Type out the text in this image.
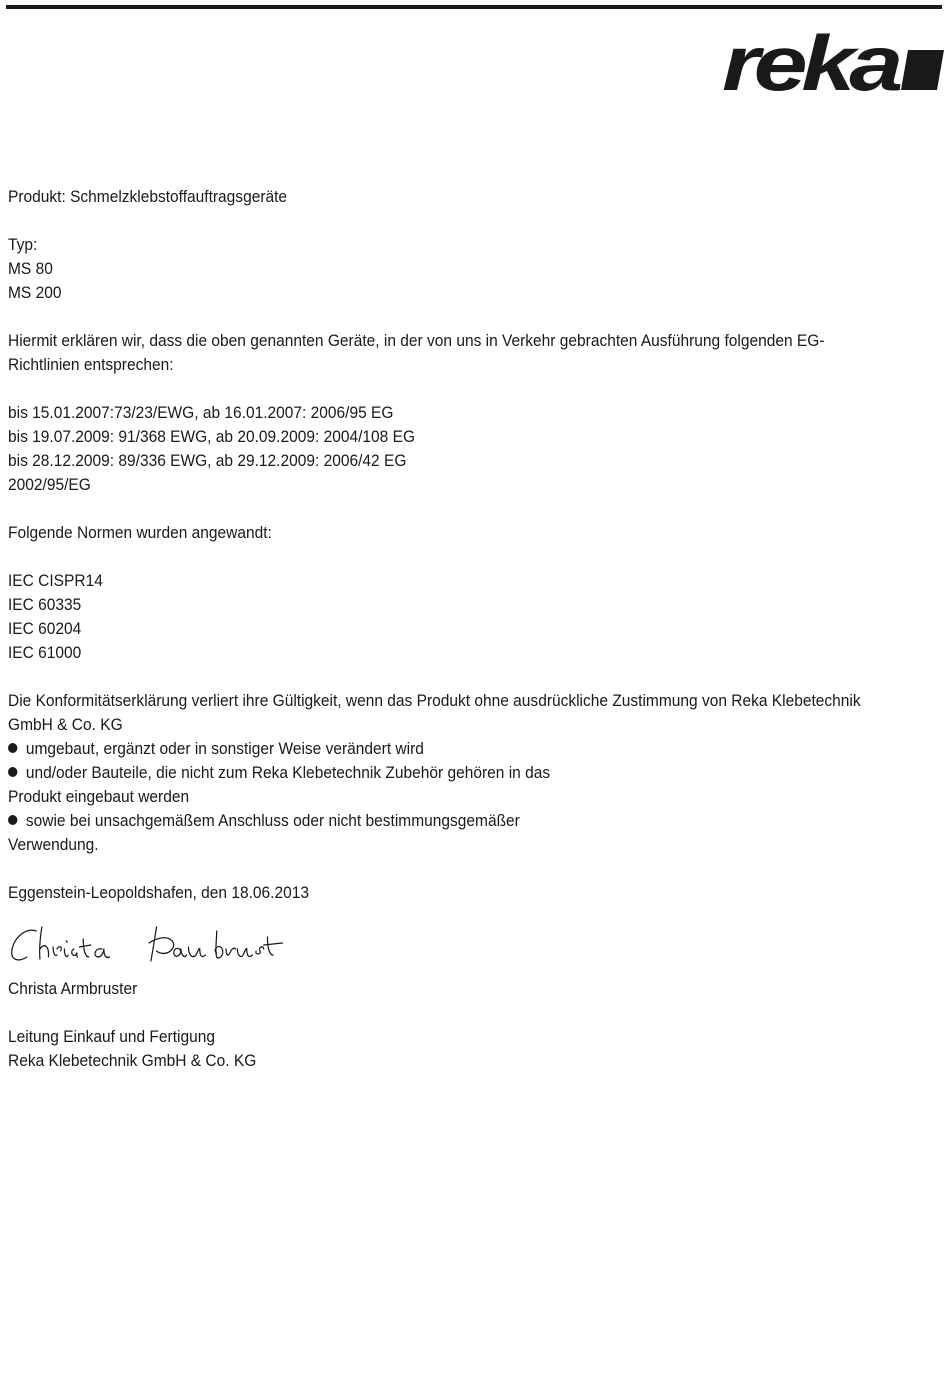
reka
Produkt: Schmelzklebstoffauftragsgeräte
Typ:
MS 80
MS 200
Hiermit erklären wir, dass die oben genannten Geräte, in der von uns in Verkehr gebrachten Ausführung folgenden EG-Richtlinien entsprechen:
bis 15.01.2007:73/23/EWG, ab 16.01.2007: 2006/95 EG
bis 19.07.2009: 91/368 EWG, ab 20.09.2009: 2004/108 EG
bis 28.12.2009: 89/336 EWG, ab 29.12.2009: 2006/42 EG
2002/95/EG
Folgende Normen wurden angewandt:
IEC CISPR14
IEC 60335
IEC 60204
IEC 61000
Die Konformitätserklärung verliert ihre Gültigkeit, wenn das Produkt ohne ausdrückliche Zustimmung von Reka Klebetechnik GmbH & Co. KG
umgebaut, ergänzt oder in sonstiger Weise verändert wird
und/oder Bauteile, die nicht zum Reka Klebetechnik Zubehör gehören in das
Produkt eingebaut werden
sowie bei unsachgemäßem Anschluss oder nicht bestimmungsgemäßer
Verwendung.
Eggenstein-Leopoldshafen, den 18.06.2013
Christa Armbruster
Leitung Einkauf und Fertigung
Reka Klebetechnik GmbH & Co. KG
